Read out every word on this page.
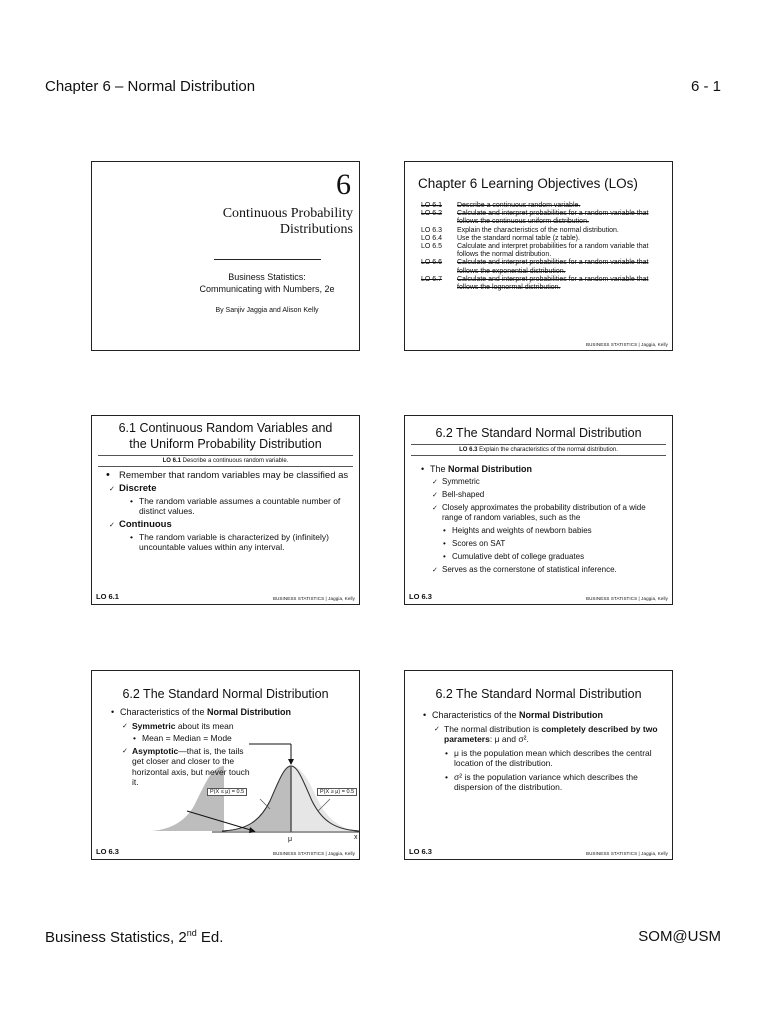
Chapter 6 – Normal Distribution	6 - 1
6
Continuous Probability
Distributions
Business Statistics:
Communicating with Numbers, 2e
By Sanjiv Jaggia and Alison Kelly
Chapter 6 Learning Objectives (LOs)
LO 6.1	Describe a continuous random variable.
LO 6.2	Calculate and interpret probabilities for a random variable that follows the continuous uniform distribution.
LO 6.3	Explain the characteristics of the normal distribution.
LO 6.4	Use the standard normal table (z table).
LO 6.5	Calculate and interpret probabilities for a random variable that follows the normal distribution.
LO 6.6	Calculate and interpret probabilities for a random variable that follows the exponential distribution.
LO 6.7	Calculate and interpret probabilities for a random variable that follows the lognormal distribution.
BUSINESS STATISTICS | Jaggia, Kelly
6.1 Continuous Random Variables and
the Uniform Probability Distribution
LO 6.1 Describe a continuous random variable.
• Remember that random variables may be classified as
✓ Discrete
• The random variable assumes a countable number of distinct values.
✓ Continuous
• The random variable is characterized by (infinitely) uncountable values within any interval.
LO 6.1	BUSINESS STATISTICS | Jaggia, Kelly
6.2 The Standard Normal Distribution
LO 6.3 Explain the characteristics of the normal distribution.
• The Normal Distribution
✓ Symmetric
✓ Bell-shaped
✓ Closely approximates the probability distribution of a wide range of random variables, such as the
• Heights and weights of newborn babies
• Scores on SAT
• Cumulative debt of college graduates
✓ Serves as the cornerstone of statistical inference.
LO 6.3	BUSINESS STATISTICS | Jaggia, Kelly
6.2 The Standard Normal Distribution
P(X ≤ μ) = 0.5	P(X ≥ μ) = 0.5
μ	x
• Characteristics of the Normal Distribution
✓ Symmetric about its mean
• Mean = Median = Mode
✓ Asymptotic—that is, the tails get closer and closer to the horizontal axis, but never touch it.
LO 6.3	BUSINESS STATISTICS | Jaggia, Kelly
6.2 The Standard Normal Distribution
• Characteristics of the Normal Distribution
✓ The normal distribution is completely described by two parameters: μ and σ².
• μ is the population mean which describes the central location of the distribution.
• σ² is the population variance which describes the dispersion of the distribution.
LO 6.3	BUSINESS STATISTICS | Jaggia, Kelly
Business Statistics, 2nd Ed.	SOM@USM
